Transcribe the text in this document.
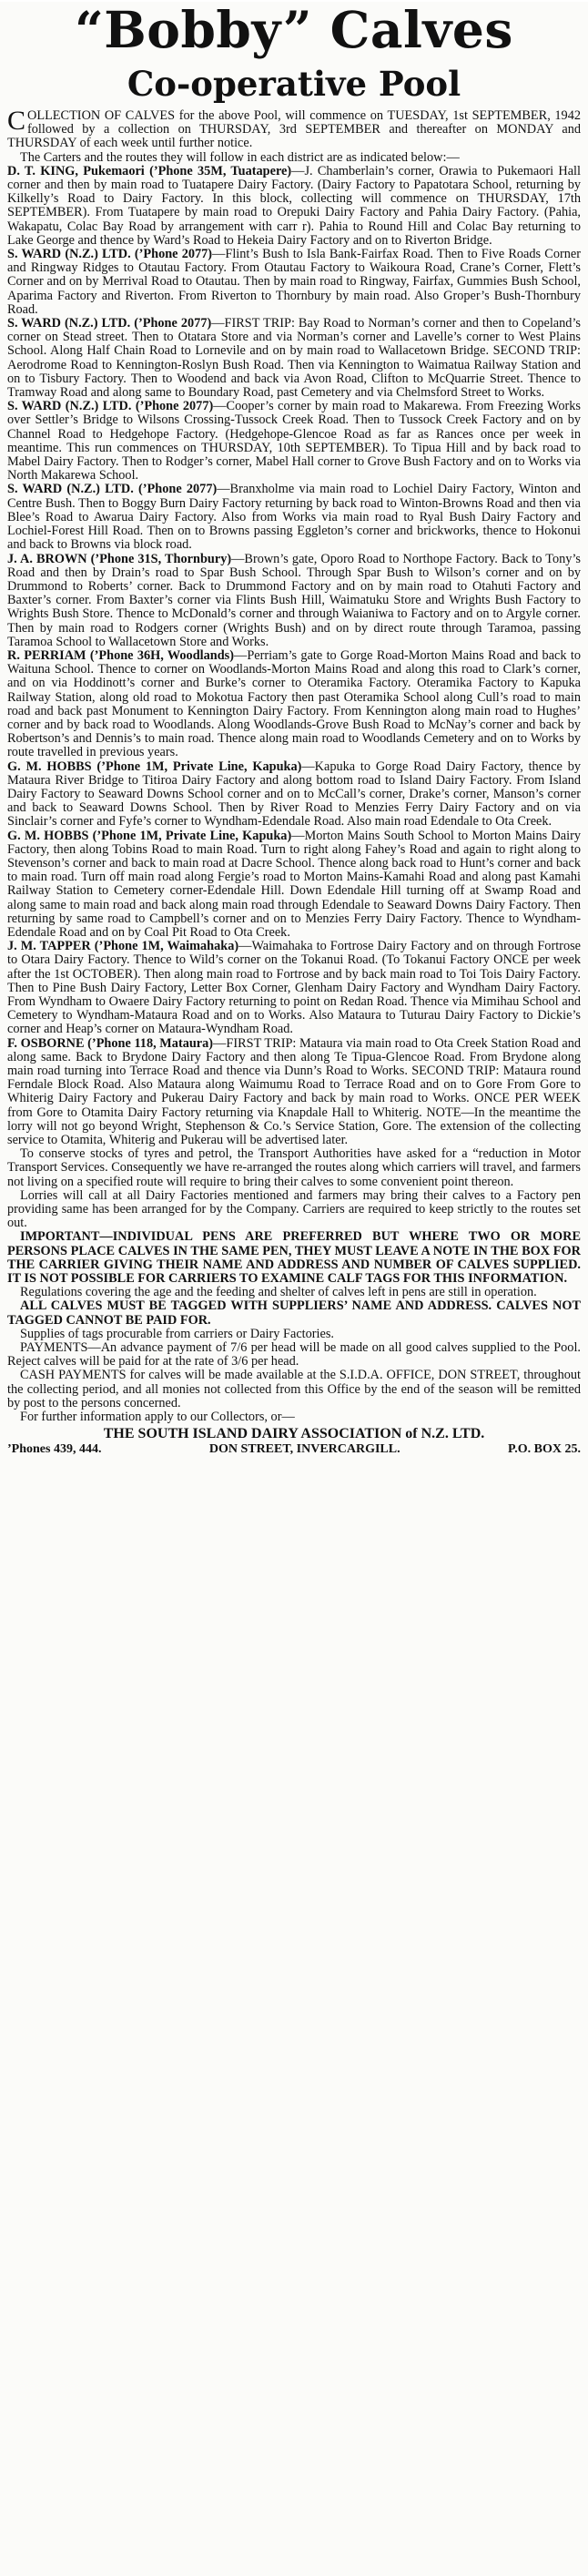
“Bobby” Calves
Co-operative Pool

COLLECTION OF CALVES for the above Pool, will commence on TUESDAY, 1st SEPTEMBER, 1942 followed by a collection on THURSDAY, 3rd SEPTEMBER and thereafter on MONDAY and THURSDAY of each week until further notice.

The Carters and the routes they will follow in each district are as indicated below:—

D. T. KING, Pukemaori (’Phone 35M, Tuatapere)—J. Chamberlain’s corner, Orawia to Pukemaori Hall corner and then by main road to Tuatapere Dairy Factory. (Dairy Factory to Papatotara School, returning by Kilkelly’s Road to Dairy Factory. In this block, collecting will commence on THURSDAY, 17th SEPTEMBER). From Tuatapere by main road to Orepuki Dairy Factory and Pahia Dairy Factory. (Pahia, Wakapatu, Colac Bay Road by arrangement with carr r). Pahia to Round Hill and Colac Bay returning to Lake George and thence by Ward’s Road to Hekeia Dairy Factory and on to Riverton Bridge.

S. WARD (N.Z.) LTD. (’Phone 2077)—Flint’s Bush to Isla Bank-Fairfax Road. Then to Five Roads Corner and Ringway Ridges to Otautau Factory. From Otautau Factory to Waikoura Road, Crane’s Corner, Flett’s Corner and on by Merrival Road to Otautau. Then by main road to Ringway, Fairfax, Gummies Bush School, Aparima Factory and Riverton. From Riverton to Thornbury by main road. Also Groper’s Bush-Thornbury Road.

S. WARD (N.Z.) LTD. (’Phone 2077)—FIRST TRIP: Bay Road to Norman’s corner and then to Copeland’s corner on Stead street. Then to Otatara Store and via Norman’s corner and Lavelle’s corner to West Plains School. Along Half Chain Road to Lornevile and on by main road to Wallacetown Bridge. SECOND TRIP: Aerodrome Road to Kennington-Roslyn Bush Road. Then via Kennington to Waimatua Railway Station and on to Tisbury Factory. Then to Woodend and back via Avon Road, Clifton to McQuarrie Street. Thence to Tramway Road and along same to Boundary Road, past Cemetery and via Chelmsford Street to Works.

S. WARD (N.Z.) LTD. (’Phone 2077)—Cooper’s corner by main road to Makarewa. From Freezing Works over Settler’s Bridge to Wilsons Crossing-Tussock Creek Road. Then to Tussock Creek Factory and on by Channel Road to Hedgehope Factory. (Hedgehope-Glencoe Road as far as Rances once per week in meantime. This run commences on THURSDAY, 10th SEPTEMBER). To Tipua Hill and by back road to Mabel Dairy Factory. Then to Rodger’s corner, Mabel Hall corner to Grove Bush Factory and on to Works via North Makarewa School.

S. WARD (N.Z.) LTD. (’Phone 2077)—Branxholme via main road to Lochiel Dairy Factory, Winton and Centre Bush. Then to Boggy Burn Dairy Factory returning by back road to Winton-Browns Road and then via Blee’s Road to Awarua Dairy Factory. Also from Works via main road to Ryal Bush Dairy Factory and Lochiel-Forest Hill Road. Then on to Browns passing Eggleton’s corner and brickworks, thence to Hokonui and back to Browns via block road.

J. A. BROWN (’Phone 31S, Thornbury)—Brown’s gate, Oporo Road to Northope Factory. Back to Tony’s Road and then by Drain’s road to Spar Bush School. Through Spar Bush to Wilson’s corner and on by Drummond to Roberts’ corner. Back to Drummond Factory and on by main road to Otahuti Factory and Baxter’s corner. From Baxter’s corner via Flints Bush Hill, Waimatuku Store and Wrights Bush Factory to Wrights Bush Store. Thence to McDonald’s corner and through Waianiwa to Factory and on to Argyle corner. Then by main road to Rodgers corner (Wrights Bush) and on by direct route through Taramoa, passing Taramoa School to Wallacetown Store and Works.

R. PERRIAM (’Phone 36H, Woodlands)—Perriam’s gate to Gorge Road-Morton Mains Road and back to Waituna School. Thence to corner on Woodlands-Morton Mains Road and along this road to Clark’s corner, and on via Hoddinott’s corner and Burke’s corner to Oteramika Factory. Oteramika Factory to Kapuka Railway Station, along old road to Mokotua Factory then past Oteramika School along Cull’s road to main road and back past Monument to Kennington Dairy Factory. From Kennington along main road to Hughes’ corner and by back road to Woodlands. Along Woodlands-Grove Bush Road to McNay’s corner and back by Robertson’s and Dennis’s to main road. Thence along main road to Woodlands Cemetery and on to Works by route travelled in previous years.

G. M. HOBBS (’Phone 1M, Private Line, Kapuka)—Kapuka to Gorge Road Dairy Factory, thence by Mataura River Bridge to Titiroa Dairy Factory and along bottom road to Island Dairy Factory. From Island Dairy Factory to Seaward Downs School corner and on to McCall’s corner, Drake’s corner, Manson’s corner and back to Seaward Downs School. Then by River Road to Menzies Ferry Dairy Factory and on via Sinclair’s corner and Fyfe’s corner to Wyndham-Edendale Road. Also main road Edendale to Ota Creek.

G. M. HOBBS (’Phone 1M, Private Line, Kapuka)—Morton Mains South School to Morton Mains Dairy Factory, then along Tobins Road to main Road. Turn to right along Fahey’s Road and again to right along to Stevenson’s corner and back to main road at Dacre School. Thence along back road to Hunt’s corner and back to main road. Turn off main road along Fergie’s road to Morton Mains-Kamahi Road and along past Kamahi Railway Station to Cemetery corner-Edendale Hill. Down Edendale Hill turning off at Swamp Road and along same to main road and back along main road through Edendale to Seaward Downs Dairy Factory. Then returning by same road to Campbell’s corner and on to Menzies Ferry Dairy Factory. Thence to Wyndham-Edendale Road and on by Coal Pit Road to Ota Creek.

J. M. TAPPER (’Phone 1M, Waimahaka)—Waimahaka to Fortrose Dairy Factory and on through Fortrose to Otara Dairy Factory. Thence to Wild’s corner on the Tokanui Road. (To Tokanui Factory ONCE per week after the 1st OCTOBER). Then along main road to Fortrose and by back main road to Toi Tois Dairy Factory. Then to Pine Bush Dairy Factory, Letter Box Corner, Glenham Dairy Factory and Wyndham Dairy Factory. From Wyndham to Owaere Dairy Factory returning to point on Redan Road. Thence via Mimihau School and Cemetery to Wyndham-Mataura Road and on to Works. Also Mataura to Tuturau Dairy Factory to Dickie’s corner and Heap’s corner on Mataura-Wyndham Road.

F. OSBORNE (’Phone 118, Mataura)—FIRST TRIP: Mataura via main road to Ota Creek Station Road and along same. Back to Brydone Dairy Factory and then along Te Tipua-Glencoe Road. From Brydone along main road turning into Terrace Road and thence via Dunn’s Road to Works. SECOND TRIP: Mataura round Ferndale Block Road. Also Mataura along Waimumu Road to Terrace Road and on to Gore From Gore to Whiterig Dairy Factory and Pukerau Dairy Factory and back by main road to Works. ONCE PER WEEK from Gore to Otamita Dairy Factory returning via Knapdale Hall to Whiterig. NOTE—In the meantime the lorry will not go beyond Wright, Stephenson & Co.’s Service Station, Gore. The extension of the collecting service to Otamita, Whiterig and Pukerau will be advertised later.

To conserve stocks of tyres and petrol, the Transport Authorities have asked for a “reduction in Motor Transport Services. Consequently we have re-arranged the routes along which carriers will travel, and farmers not living on a specified route will require to bring their calves to some convenient point thereon.

Lorries will call at all Dairy Factories mentioned and farmers may bring their calves to a Factory pen providing same has been arranged for by the Company. Carriers are required to keep strictly to the routes set out.

IMPORTANT—INDIVIDUAL PENS ARE PREFERRED BUT WHERE TWO OR MORE PERSONS PLACE CALVES IN THE SAME PEN, THEY MUST LEAVE A NOTE IN THE BOX FOR THE CARRIER GIVING THEIR NAME AND ADDRESS AND NUMBER OF CALVES SUPPLIED. IT IS NOT POSSIBLE FOR CARRIERS TO EXAMINE CALF TAGS FOR THIS INFORMATION.

Regulations covering the age and the feeding and shelter of calves left in pens are still in operation.

ALL CALVES MUST BE TAGGED WITH SUPPLIERS’ NAME AND ADDRESS. CALVES NOT TAGGED CANNOT BE PAID FOR.

Supplies of tags procurable from carriers or Dairy Factories.

PAYMENTS—An advance payment of 7/6 per head will be made on all good calves supplied to the Pool. Reject calves will be paid for at the rate of 3/6 per head.

CASH PAYMENTS for calves will be made available at the S.I.D.A. OFFICE, DON STREET, throughout the collecting period, and all monies not collected from this Office by the end of the season will be remitted by post to the persons concerned.

For further information apply to our Collectors, or—

THE SOUTH ISLAND DAIRY ASSOCIATION of N.Z. LTD.
’Phones 439, 444.	DON STREET, INVERCARGILL.	P.O. BOX 25.
